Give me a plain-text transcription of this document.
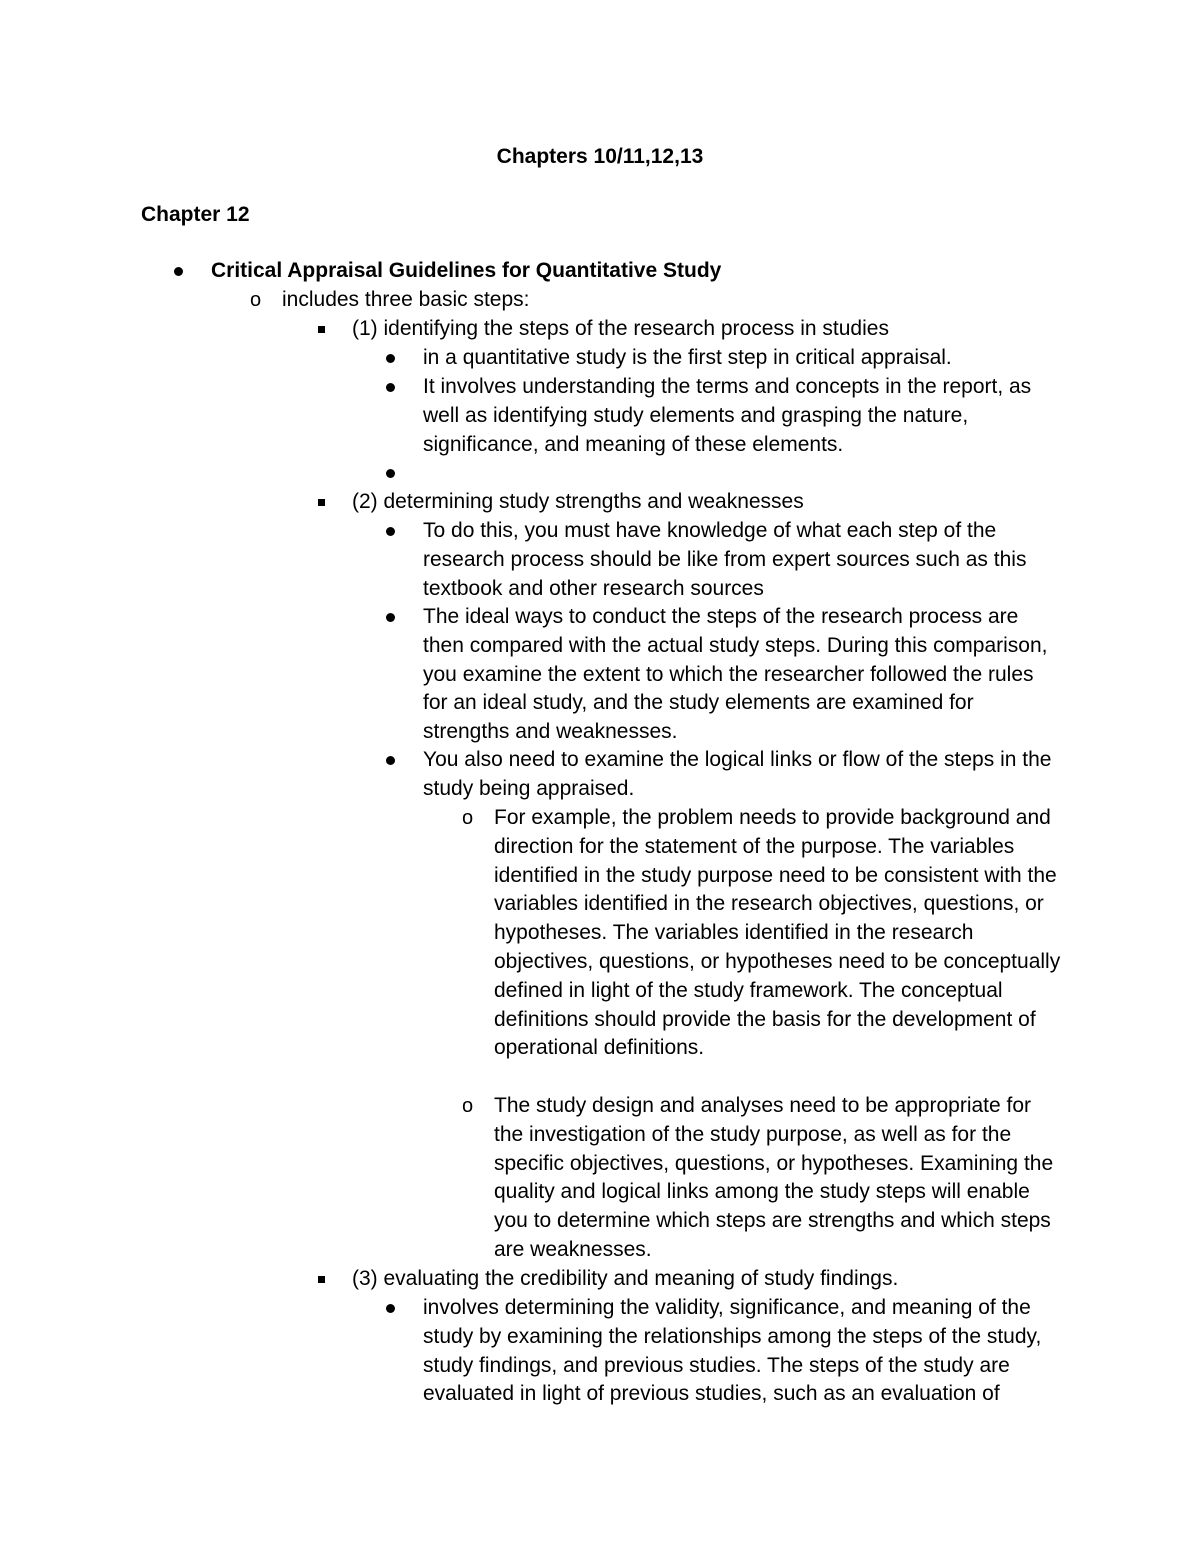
Chapters 10/11,12,13
Chapter 12
Critical Appraisal Guidelines for Quantitative Study
o includes three basic steps:
(1) identifying the steps of the research process in studies
in a quantitative study is the first step in critical appraisal.
It involves understanding the terms and concepts in the report, as well as identifying study elements and grasping the nature, significance, and meaning of these elements.
(2) determining study strengths and weaknesses
To do this, you must have knowledge of what each step of the research process should be like from expert sources such as this textbook and other research sources
The ideal ways to conduct the steps of the research process are then compared with the actual study steps. During this comparison, you examine the extent to which the researcher followed the rules for an ideal study, and the study elements are examined for strengths and weaknesses.
You also need to examine the logical links or flow of the steps in the study being appraised.
o For example, the problem needs to provide background and direction for the statement of the purpose. The variables identified in the study purpose need to be consistent with the variables identified in the research objectives, questions, or hypotheses. The variables identified in the research objectives, questions, or hypotheses need to be conceptually defined in light of the study framework. The conceptual definitions should provide the basis for the development of operational definitions.
o The study design and analyses need to be appropriate for the investigation of the study purpose, as well as for the specific objectives, questions, or hypotheses. Examining the quality and logical links among the study steps will enable you to determine which steps are strengths and which steps are weaknesses.
(3) evaluating the credibility and meaning of study findings.
involves determining the validity, significance, and meaning of the study by examining the relationships among the steps of the study, study findings, and previous studies. The steps of the study are evaluated in light of previous studies, such as an evaluation of
